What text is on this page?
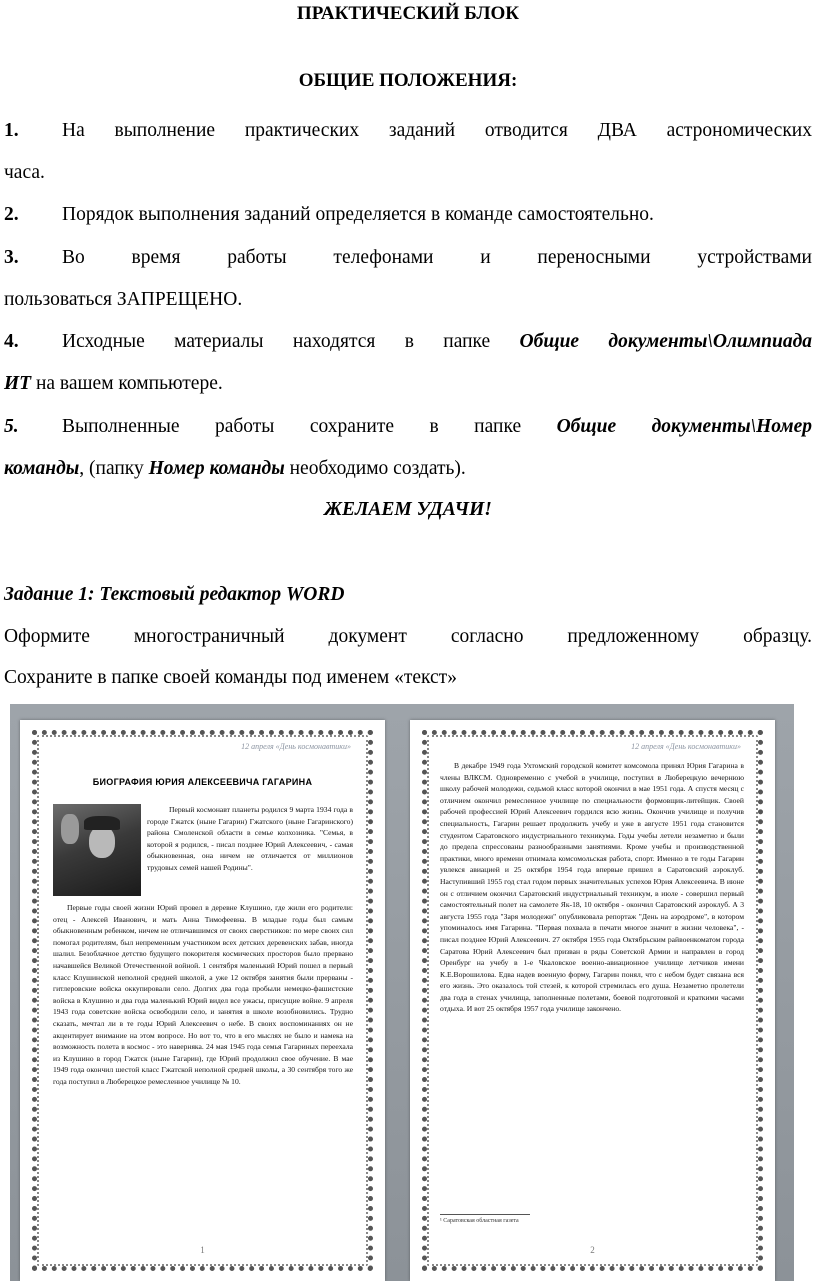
ПРАКТИЧЕСКИЙ БЛОК
ОБЩИЕ ПОЛОЖЕНИЯ:
1. На выполнение практических заданий отводится ДВА астрономических
часа.
2. Порядок выполнения заданий определяется в команде самостоятельно.
3. Во время работы телефонами и переносными устройствами
пользоваться ЗАПРЕЩЕНО.
4. Исходные материалы находятся в папке Общие документы\Олимпиада
ИТ на вашем компьютере.
5. Выполненные работы сохраните в папке Общие документы\Номер
команды, (папку Номер команды необходимо создать).
ЖЕЛАЕМ УДАЧИ!
Задание 1: Текстовый редактор WORD
Оформите многостраничный документ согласно предложенному образцу.
Сохраните в папке своей команды под именем «текст»
12 апреля «День космонавтики»
БИОГРАФИЯ ЮРИЯ АЛЕКСЕЕВИЧА ГАГАРИНА
Первый космонавт планеты родился 9 марта 1934 года в городе Гжатск (ныне Гагарин) Гжатского (ныне Гагаринского) района Смоленской области в семье колхозника. "Семья, в которой я родился, - писал позднее Юрий Алексеевич, - самая обыкновенная, она ничем не отличается от миллионов трудовых семей нашей Родины".
Первые годы своей жизни Юрий провел в деревне Клушино, где жили его родители: отец - Алексей Иванович, и мать Анна Тимофеевна. В младые годы был самым обыкновенным ребенком, ничем не отличавшимся от своих сверстников: по мере своих сил помогал родителям, был непременным участником всех детских деревенских забав, иногда шалил. Безоблачное детство будущего покорителя космических просторов было прервано начавшейся Великой Отечественной войной. 1 сентября маленький Юрий пошел в первый класс Клушинской неполной средней школой, а уже 12 октября занятия были прерваны - гитлеровские войска оккупировали село. Долгих два года пробыли немецко-фашистские войска в Клушино и два года маленький Юрий видел все ужасы, присущие войне. 9 апреля 1943 года советские войска освободили село, и занятия в школе возобновились. Трудно сказать, мечтал ли в те годы Юрий Алексеевич о небе. В своих воспоминаниях он не акцентирует внимание на этом вопросе. Но вот то, что в его мыслях не было и намека на возможность полета в космос - это наверняка. 24 мая 1945 года семья Гагариных переехала из Клушино в город Гжатск (ныне Гагарин), где Юрий продолжил свое обучение. В мае 1949 года окончил шестой класс Гжатской неполной средней школы, а 30 сентября того же года поступил в Люберецкое ремесленное училище № 10.
1
12 апреля «День космонавтики»
В декабре 1949 года Ухтомский городской комитет комсомола принял Юрия Гагарина в члены ВЛКСМ. Одновременно с учебой в училище, поступил в Люберецкую вечернюю школу рабочей молодежи, седьмой класс которой окончил в мае 1951 года. А спустя месяц с отличием окончил ремесленное училище по специальности формовщик-литейщик. Своей рабочей профессией Юрий Алексеевич гордился всю жизнь. Окончив училище и получив специальность, Гагарин решает продолжить учебу и уже в августе 1951 года становится студентом Саратовского индустриального техникума. Годы учебы летели незаметно и были до предела спрессованы разнообразными занятиями. Кроме учебы и производственной практики, много времени отнимала комсомольская работа, спорт. Именно в те годы Гагарин увлекся авиацией и 25 октября 1954 года впервые пришел в Саратовский аэроклуб. Наступивший 1955 год стал годом первых значительных успехов Юрия Алексеевича. В июне он с отличием окончил Саратовский индустриальный техникум, в июле - совершил первый самостоятельный полет на самолете Як-18, 10 октября - окончил Саратовский аэроклуб. А 3 августа 1955 года "Заря молодежи" опубликовала репортаж "День на аэродроме", в котором упоминалось имя Гагарина. "Первая похвала в печати многое значит в жизни человека", - писал позднее Юрий Алексеевич. 27 октября 1955 года Октябрьским райвоенкоматом города Саратова Юрий Алексеевич был призван в ряды Советской Армии и направлен в город Оренбург на учебу в 1-е Чкаловское военно-авиационное училище летчиков имени К.Е.Ворошилова. Едва надев военную форму, Гагарин понял, что с небом будет связана вся его жизнь. Это оказалось той стезей, к которой стремилась его душа. Незаметно пролетели два года в стенах училища, заполненные полетами, боевой подготовкой и краткими часами отдыха. И вот 25 октября 1957 года училище закончено.
¹ Саратовская областная газета
2
